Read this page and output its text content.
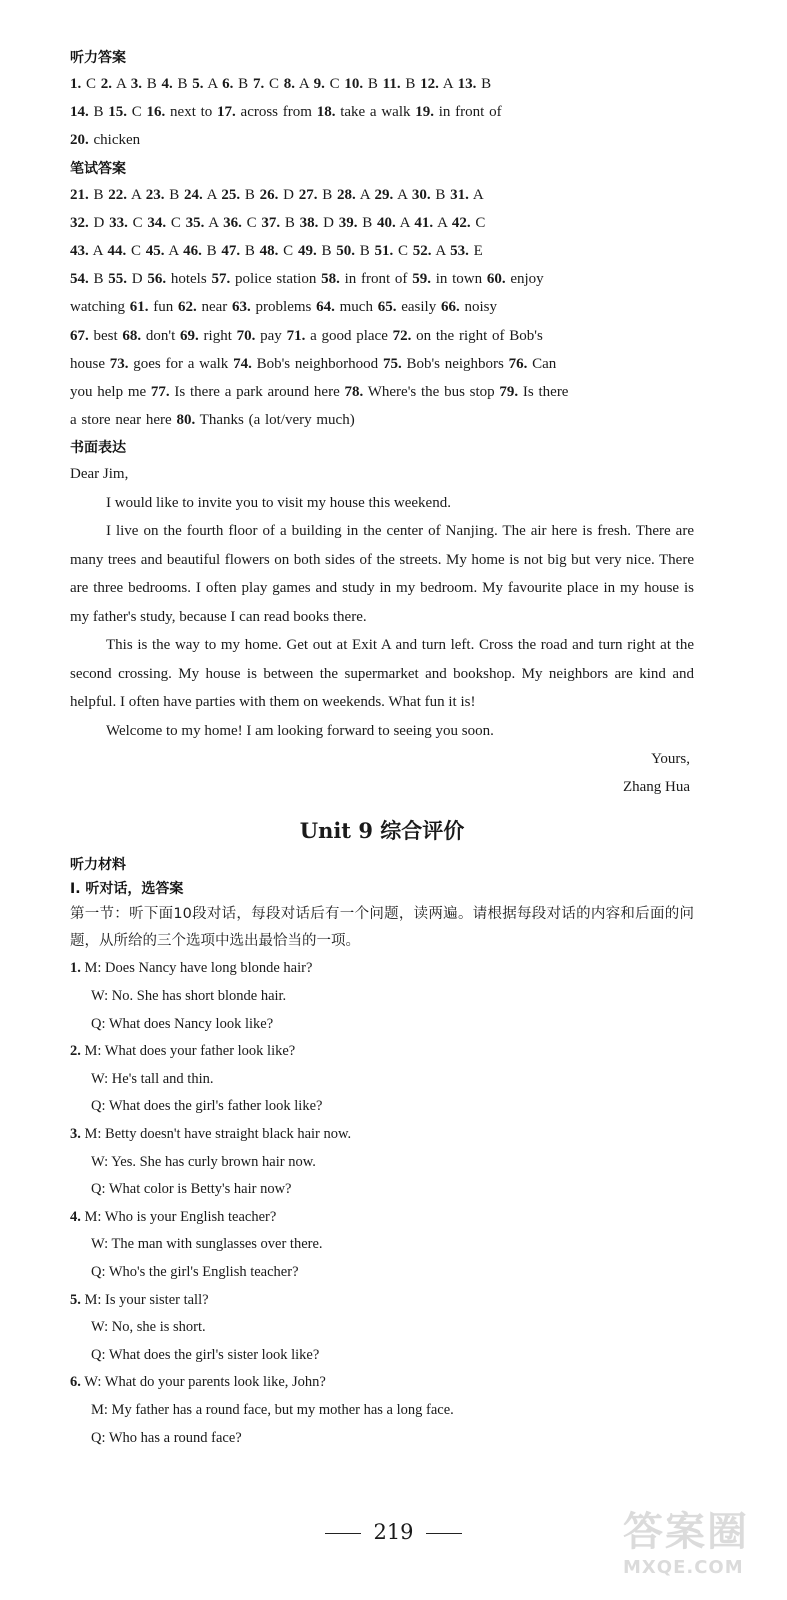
听力答案
1. C 2. A 3. B 4. B 5. A 6. B 7. C 8. A 9. C 10. B 11. B 12. A 13. B
14. B 15. C 16. next to 17. across from 18. take a walk 19. in front of
20. chicken
笔试答案
21. B 22. A 23. B 24. A 25. B 26. D 27. B 28. A 29. A 30. B 31. A
32. D 33. C 34. C 35. A 36. C 37. B 38. D 39. B 40. A 41. A 42. C
43. A 44. C 45. A 46. B 47. B 48. C 49. B 50. B 51. C 52. A 53. E
54. B 55. D 56. hotels 57. police station 58. in front of 59. in town 60. enjoy
watching 61. fun 62. near 63. problems 64. much 65. easily 66. noisy
67. best 68. don't 69. right 70. pay 71. a good place 72. on the right of Bob's
house 73. goes for a walk 74. Bob's neighborhood 75. Bob's neighbors 76. Can
you help me 77. Is there a park around here 78. Where's the bus stop 79. Is there
a store near here 80. Thanks (a lot/very much)
书面表达

Dear Jim,

I would like to invite you to visit my house this weekend.

I live on the fourth floor of a building in the center of Nanjing. The air here is fresh. There are many trees and beautiful flowers on both sides of the streets. My home is not big but very nice. There are three bedrooms. I often play games and study in my bedroom. My favourite place in my house is my father's study, because I can read books there.

This is the way to my home. Get out at Exit A and turn left. Cross the road and turn right at the second crossing. My house is between the supermarket and bookshop. My neighbors are kind and helpful. I often have parties with them on weekends. What fun it is!

Welcome to my home! I am looking forward to seeing you soon.

Yours,
Zhang Hua
Unit 9 综合评价
听力材料
Ⅰ. 听对话，选答案
第一节：听下面10段对话，每段对话后有一个问题，读两遍。请根据每段对话的内容和后面的问题，从所给的三个选项中选出最恰当的一项。
1. M: Does Nancy have long blonde hair?
W: No. She has short blonde hair.
Q: What does Nancy look like?
2. M: What does your father look like?
W: He's tall and thin.
Q: What does the girl's father look like?
3. M: Betty doesn't have straight black hair now.
W: Yes. She has curly brown hair now.
Q: What color is Betty's hair now?
4. M: Who is your English teacher?
W: The man with sunglasses over there.
Q: Who's the girl's English teacher?
5. M: Is your sister tall?
W: No, she is short.
Q: What does the girl's sister look like?
6. W: What do your parents look like, John?
M: My father has a round face, but my mother has a long face.
Q: Who has a round face?
219	答案圈
MXQE.COM
